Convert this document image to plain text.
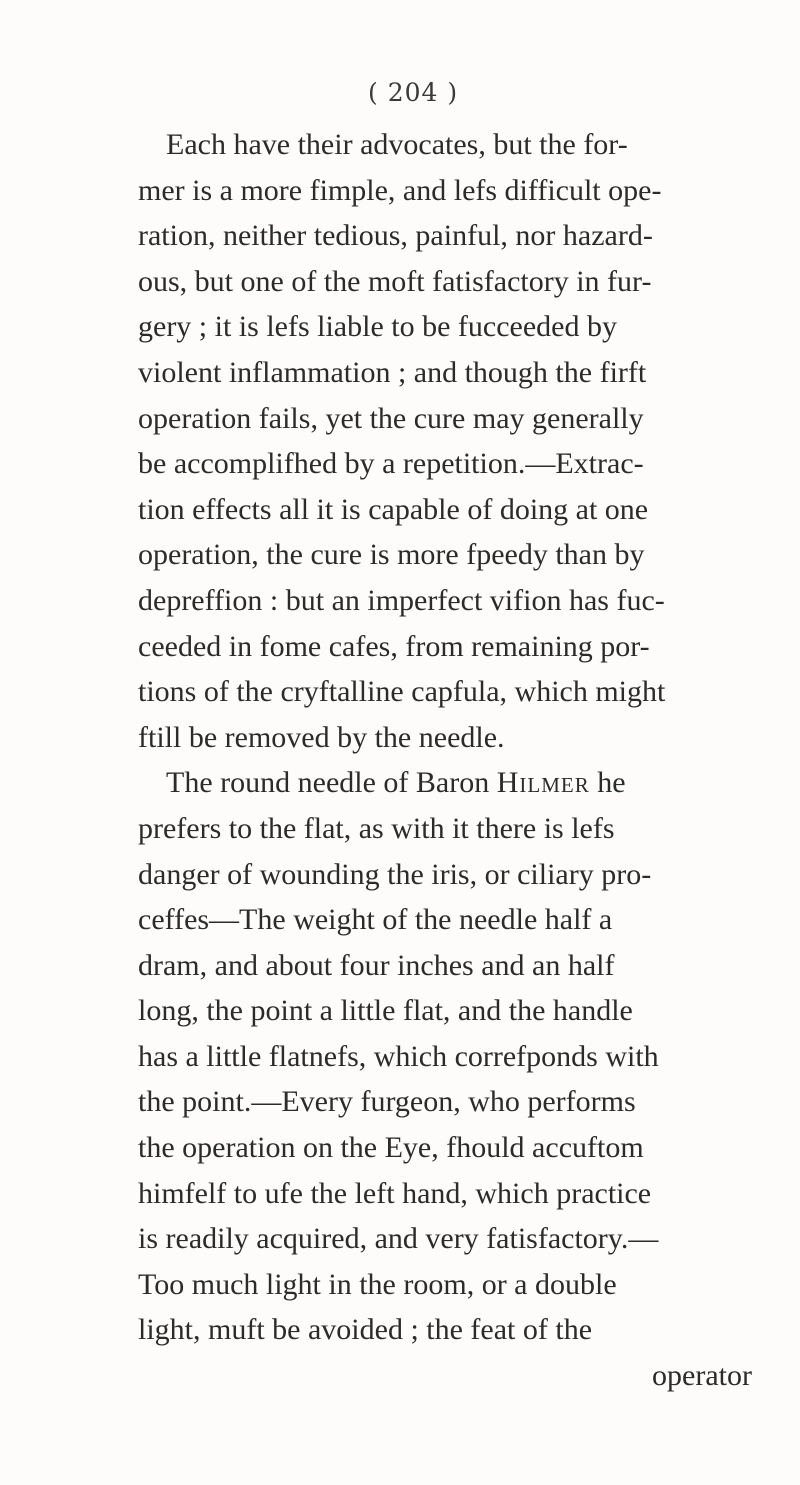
( 204 )
Each have their advocates, but the for-
mer is a more fimple, and lefs difficult ope-
ration, neither tedious, painful, nor hazard-
ous, but one of the moft fatisfactory in fur-
gery ; it is lefs liable to be fucceeded by
violent inflammation ; and though the firft
operation fails, yet the cure may generally
be accomplifhed by a repetition.—Extrac-
tion effects all it is capable of doing at one
operation, the cure is more fpeedy than by
depreffion : but an imperfect vifion has fuc-
ceeded in fome cafes, from remaining por-
tions of the cryftalline capfula, which might
ftill be removed by the needle.
The round needle of Baron Hilmer he
prefers to the flat, as with it there is lefs
danger of wounding the iris, or ciliary pro-
ceffes—The weight of the needle half a
dram, and about four inches and an half
long, the point a little flat, and the handle
has a little flatnefs, which correfponds with
the point.—Every furgeon, who performs
the operation on the Eye, fhould accuftom
himfelf to ufe the left hand, which practice
is readily acquired, and very fatisfactory.—
Too much light in the room, or a double
light, muft be avoided ; the feat of the
operator
